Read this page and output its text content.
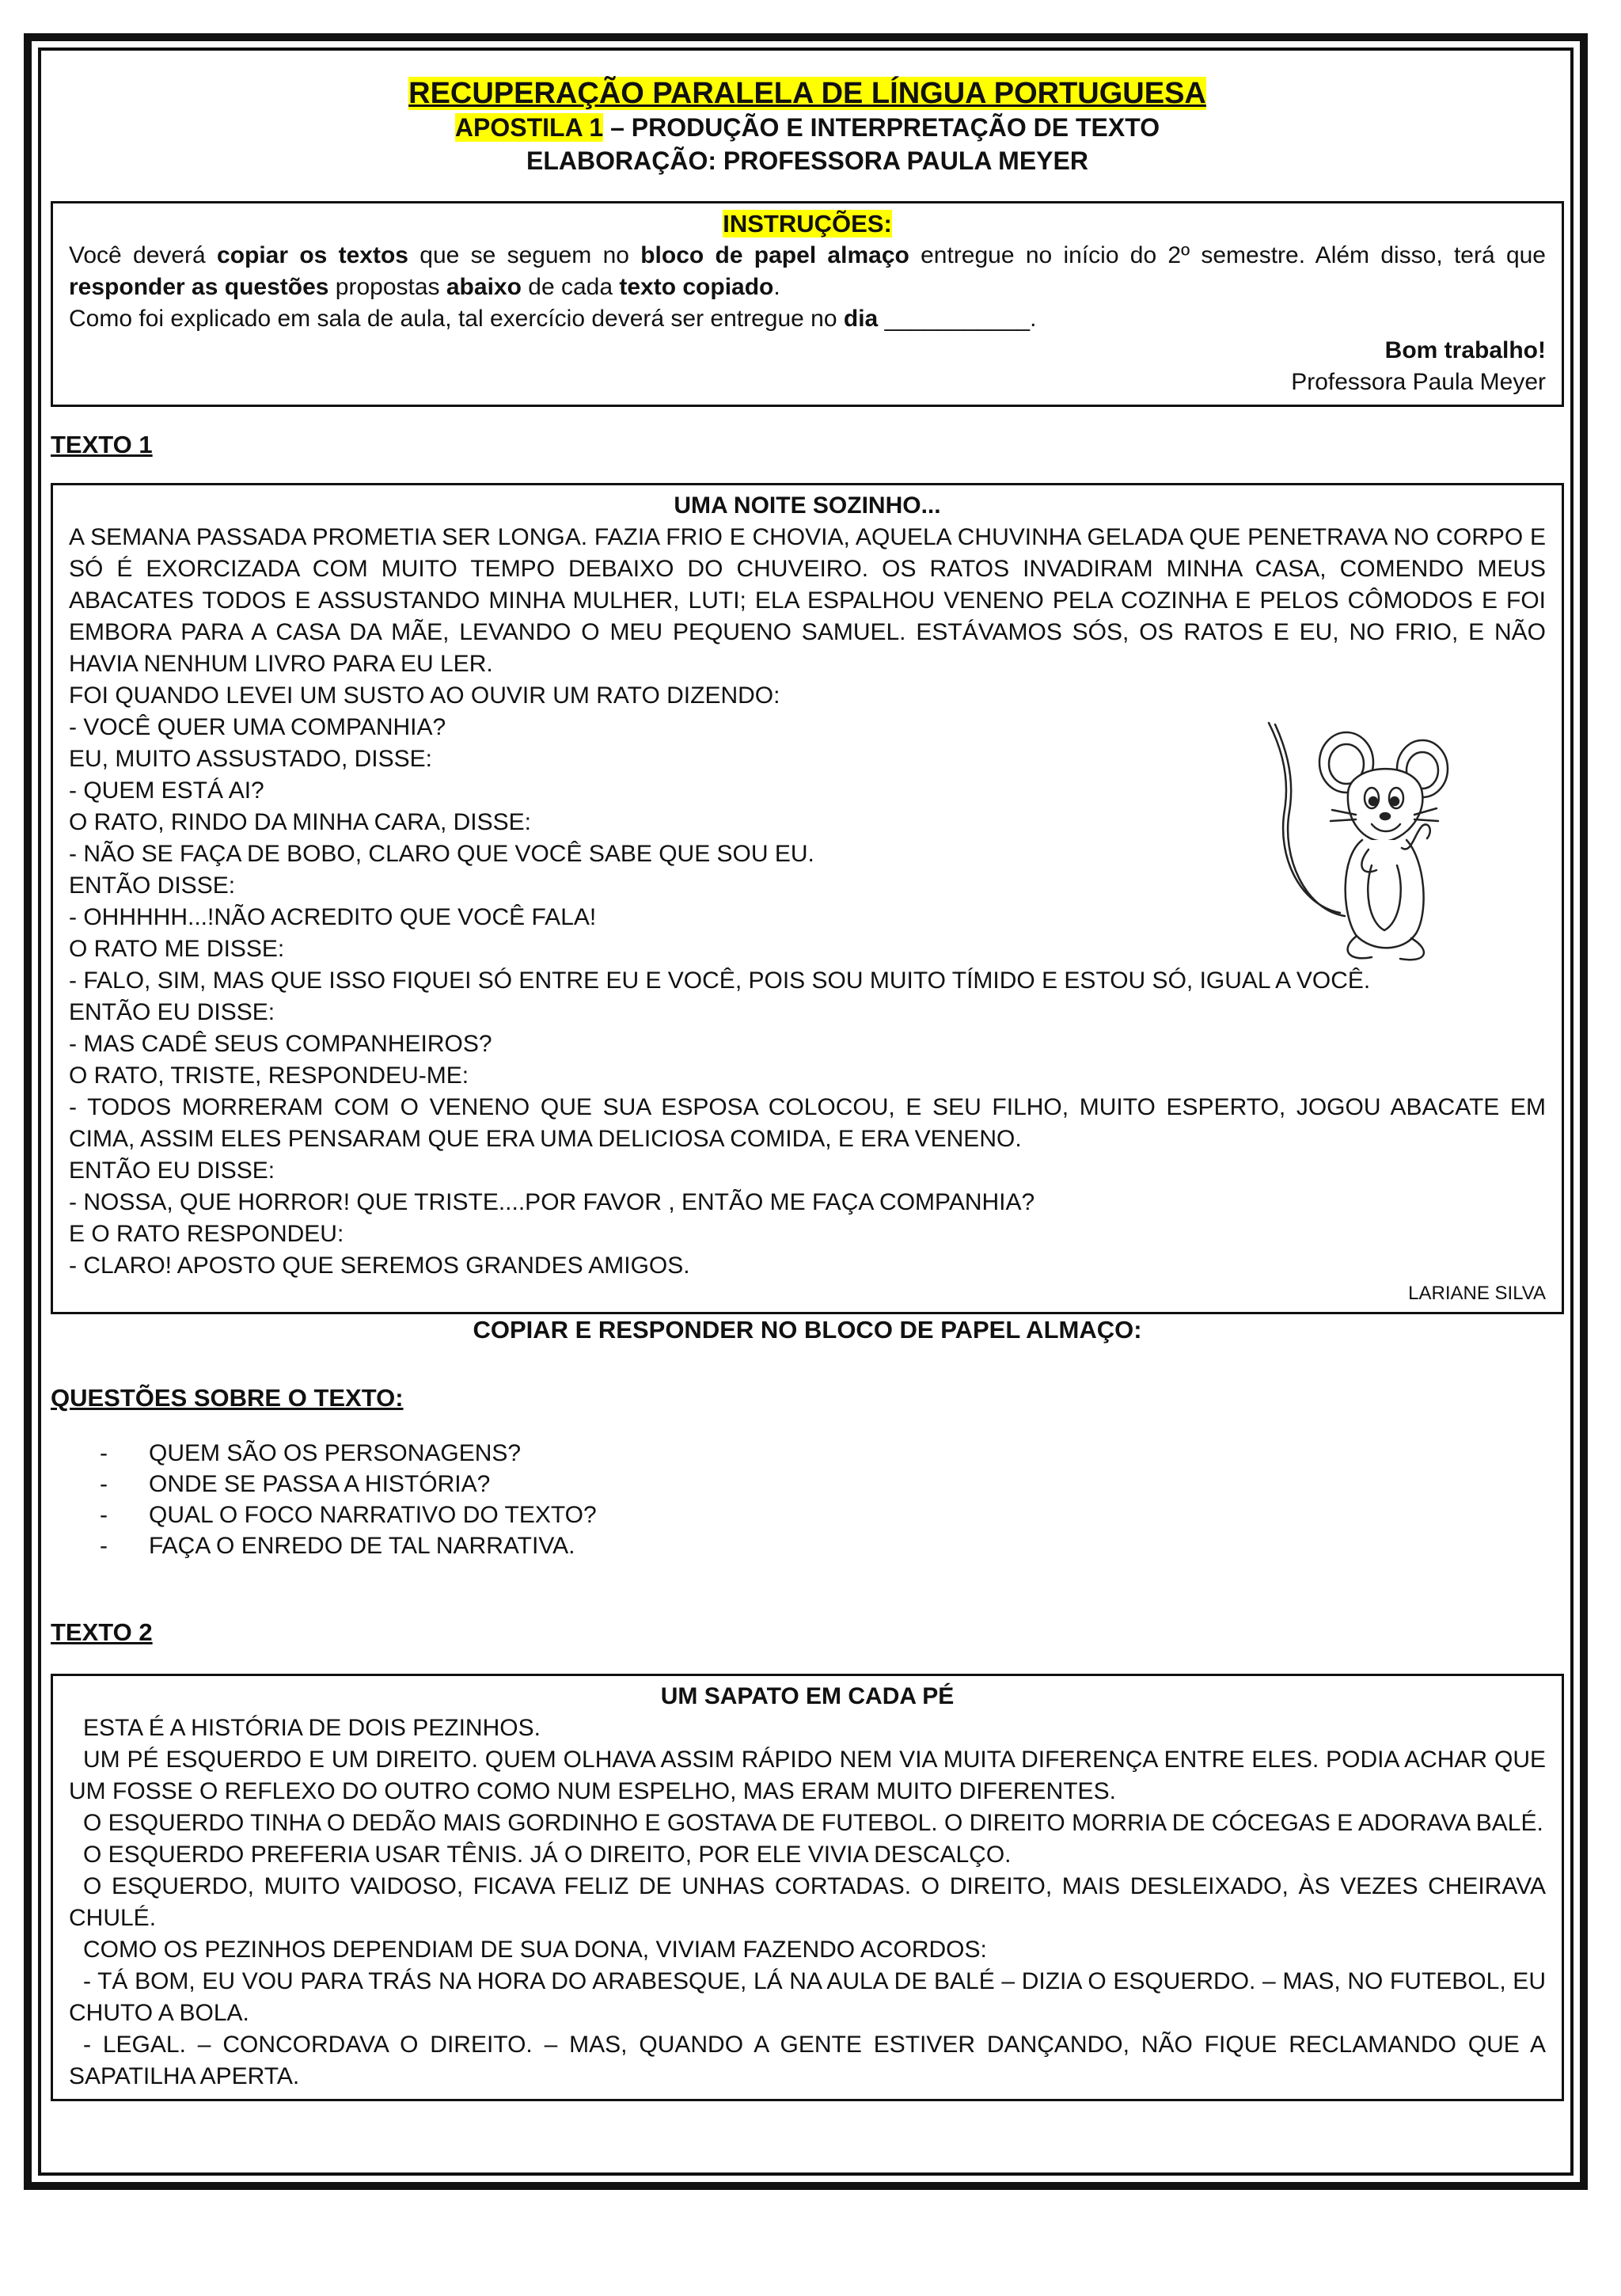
RECUPERAÇÃO PARALELA DE LÍNGUA PORTUGUESA
APOSTILA 1 – PRODUÇÃO E INTERPRETAÇÃO DE TEXTO
ELABORAÇÃO: PROFESSORA PAULA MEYER
INSTRUÇÕES:

Você deverá copiar os textos que se seguem no bloco de papel almaço entregue no início do 2º semestre. Além disso, terá que responder as questões propostas abaixo de cada texto copiado.

Como foi explicado em sala de aula, tal exercício deverá ser entregue no dia ___________.

Bom trabalho!
Professora Paula Meyer
TEXTO 1
UMA NOITE SOZINHO...

A SEMANA PASSADA PROMETIA SER LONGA. FAZIA FRIO E CHOVIA, AQUELA CHUVINHA GELADA QUE PENETRAVA NO CORPO E SÓ É EXORCIZADA COM MUITO TEMPO DEBAIXO DO CHUVEIRO. OS RATOS INVADIRAM MINHA CASA, COMENDO MEUS ABACATES TODOS E ASSUSTANDO MINHA MULHER, LUTI; ELA ESPALHOU VENENO PELA COZINHA E PELOS CÔMODOS E FOI EMBORA PARA A CASA DA MÃE, LEVANDO O MEU PEQUENO SAMUEL. ESTÁVAMOS SÓS, OS RATOS E EU, NO FRIO, E NÃO HAVIA NENHUM LIVRO PARA EU LER.

FOI QUANDO LEVEI UM SUSTO AO OUVIR UM RATO DIZENDO:
- VOCÊ QUER UMA COMPANHIA?
EU, MUITO ASSUSTADO, DISSE:
- QUEM ESTÁ AI?
O RATO, RINDO DA MINHA CARA, DISSE:
- NÃO SE FAÇA DE BOBO, CLARO QUE VOCÊ SABE QUE SOU EU.
ENTÃO DISSE:
- OHHHHH...!NÃO ACREDITO QUE VOCÊ FALA!
O RATO ME DISSE:

- FALO, SIM, MAS QUE ISSO FIQUEI SÓ ENTRE EU E VOCÊ, POIS SOU MUITO TÍMIDO E ESTOU SÓ, IGUAL A VOCÊ.

ENTÃO EU DISSE:
- MAS CADÊ SEUS COMPANHEIROS?
O RATO, TRISTE, RESPONDEU-ME:

- TODOS MORRERAM COM O VENENO QUE SUA ESPOSA COLOCOU, E SEU FILHO, MUITO ESPERTO, JOGOU ABACATE EM CIMA, ASSIM ELES PENSARAM QUE ERA UMA DELICIOSA COMIDA, E ERA VENENO.

ENTÃO EU DISSE:
- NOSSA, QUE HORROR! QUE TRISTE....POR FAVOR , ENTÃO ME FAÇA COMPANHIA?
E O RATO RESPONDEU:
- CLARO! APOSTO QUE SEREMOS GRANDES AMIGOS.
LARIANE SILVA
COPIAR E RESPONDER NO BLOCO DE PAPEL ALMAÇO:
QUESTÕES SOBRE O TEXTO:
- QUEM SÃO OS PERSONAGENS?
- ONDE SE PASSA A HISTÓRIA?
- QUAL O FOCO NARRATIVO DO TEXTO?
- FAÇA O ENREDO DE TAL NARRATIVA.
TEXTO 2
UM SAPATO EM CADA PÉ

ESTA É A HISTÓRIA DE DOIS PEZINHOS.

UM PÉ ESQUERDO E UM DIREITO. QUEM OLHAVA ASSIM RÁPIDO NEM VIA MUITA DIFERENÇA ENTRE ELES. PODIA ACHAR QUE UM FOSSE O REFLEXO DO OUTRO COMO NUM ESPELHO, MAS ERAM MUITO DIFERENTES.

O ESQUERDO TINHA O DEDÃO MAIS GORDINHO E GOSTAVA DE FUTEBOL. O DIREITO MORRIA DE CÓCEGAS E ADORAVA BALÉ.

O ESQUERDO PREFERIA USAR TÊNIS. JÁ O DIREITO, POR ELE VIVIA DESCALÇO.

O ESQUERDO, MUITO VAIDOSO, FICAVA FELIZ DE UNHAS CORTADAS. O DIREITO, MAIS DESLEIXADO, ÀS VEZES CHEIRAVA CHULÉ.

COMO OS PEZINHOS DEPENDIAM DE SUA DONA, VIVIAM FAZENDO ACORDOS:

- TÁ BOM, EU VOU PARA TRÁS NA HORA DO ARABESQUE, LÁ NA AULA DE BALÉ – DIZIA O ESQUERDO. – MAS, NO FUTEBOL, EU CHUTO A BOLA.

- LEGAL. – CONCORDAVA O DIREITO. – MAS, QUANDO A GENTE ESTIVER DANÇANDO, NÃO FIQUE RECLAMANDO QUE A SAPATILHA APERTA.
